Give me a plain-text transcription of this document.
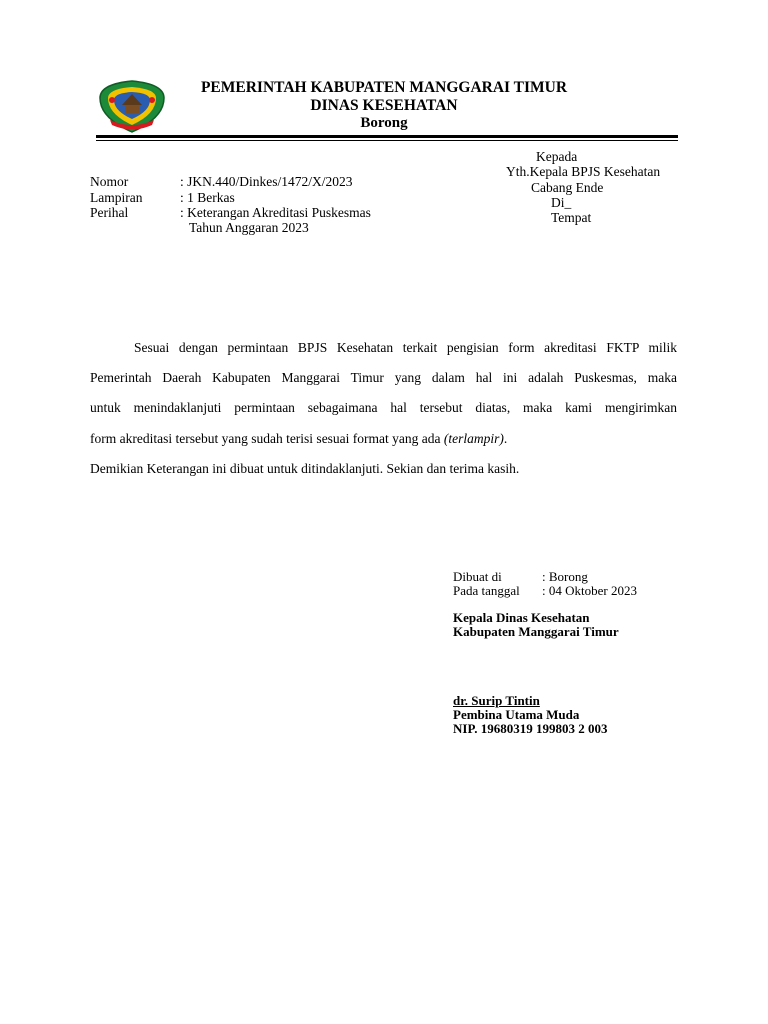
PEMERINTAH KABUPATEN MANGGARAI TIMUR
DINAS KESEHATAN
Borong
Kepada
Yth.Kepala BPJS Kesehatan
Cabang Ende
Di_
Tempat
Nomor	: JKN.440/Dinkes/1472/X/2023
Lampiran	: 1 Berkas
Perihal	: Keterangan Akreditasi Puskesmas
Tahun Anggaran 2023
Sesuai dengan permintaan BPJS Kesehatan terkait pengisian form akreditasi FKTP milik
Pemerintah Daerah Kabupaten Manggarai Timur yang dalam hal ini adalah Puskesmas, maka
untuk menindaklanjuti permintaan sebagaimana hal tersebut diatas, maka kami mengirimkan
form akreditasi tersebut yang sudah terisi sesuai format yang ada (terlampir).
Demikian Keterangan ini dibuat untuk ditindaklanjuti. Sekian dan terima kasih.
Dibuat di	: Borong
Pada tanggal : 04 Oktober 2023
Kepala Dinas Kesehatan
Kabupaten Manggarai Timur
dr. Surip Tintin
Pembina Utama Muda
NIP. 19680319 199803 2 003
